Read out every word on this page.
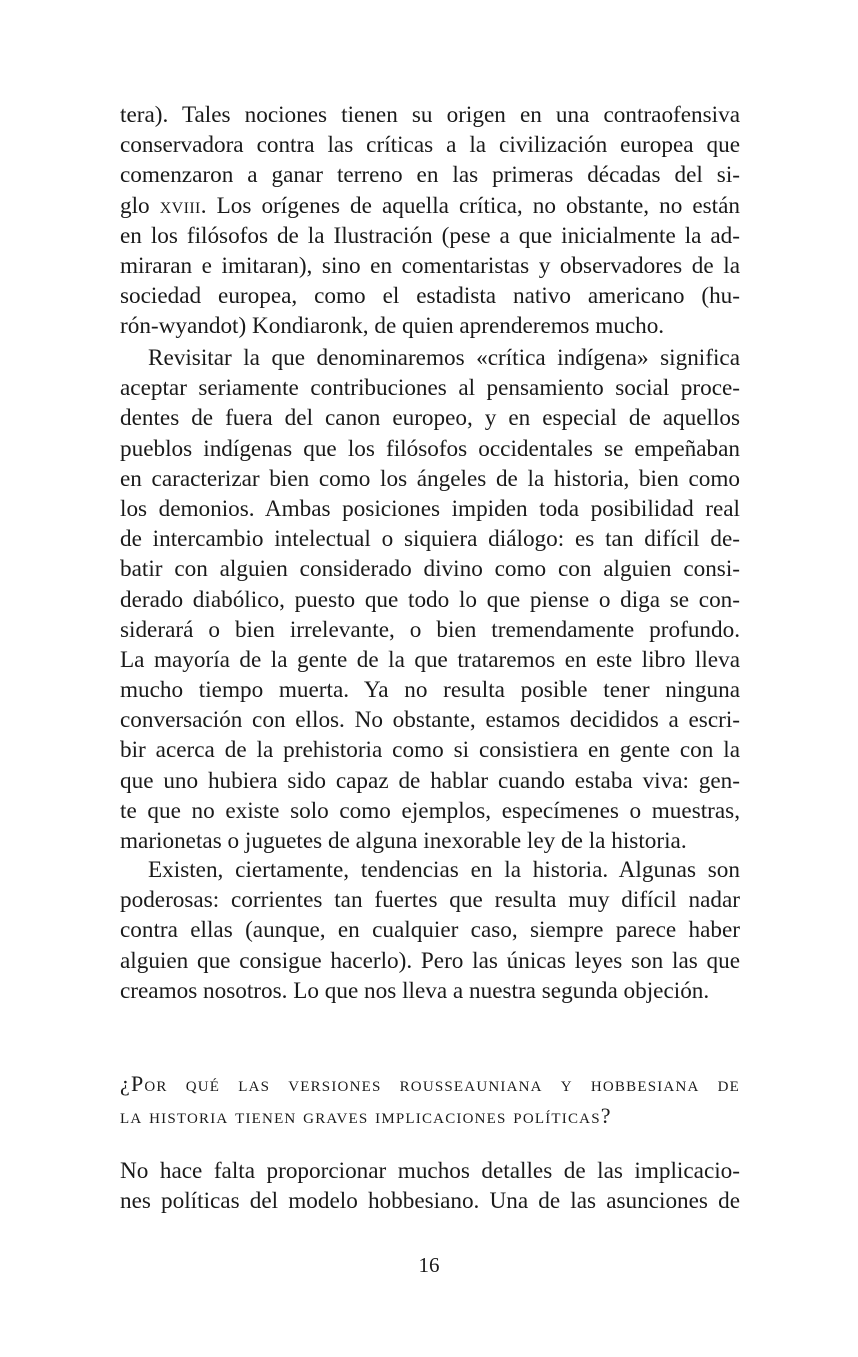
tera). Tales nociones tienen su origen en una contraofensiva
conservadora contra las críticas a la civilización europea que
comenzaron a ganar terreno en las primeras décadas del si-
glo xviii. Los orígenes de aquella crítica, no obstante, no están
en los filósofos de la Ilustración (pese a que inicialmente la ad-
miraran e imitaran), sino en comentaristas y observadores de la
sociedad europea, como el estadista nativo americano (hu-
rón-wyandot) Kondiaronk, de quien aprenderemos mucho.
Revisitar la que denominaremos «crítica indígena» significa
aceptar seriamente contribuciones al pensamiento social proce-
dentes de fuera del canon europeo, y en especial de aquellos
pueblos indígenas que los filósofos occidentales se empeñaban
en caracterizar bien como los ángeles de la historia, bien como
los demonios. Ambas posiciones impiden toda posibilidad real
de intercambio intelectual o siquiera diálogo: es tan difícil de-
batir con alguien considerado divino como con alguien consi-
derado diabólico, puesto que todo lo que piense o diga se con-
siderará o bien irrelevante, o bien tremendamente profundo.
La mayoría de la gente de la que trataremos en este libro lleva
mucho tiempo muerta. Ya no resulta posible tener ninguna
conversación con ellos. No obstante, estamos decididos a escri-
bir acerca de la prehistoria como si consistiera en gente con la
que uno hubiera sido capaz de hablar cuando estaba viva: gen-
te que no existe solo como ejemplos, especímenes o muestras,
marionetas o juguetes de alguna inexorable ley de la historia.
Existen, ciertamente, tendencias en la historia. Algunas son
poderosas: corrientes tan fuertes que resulta muy difícil nadar
contra ellas (aunque, en cualquier caso, siempre parece haber
alguien que consigue hacerlo). Pero las únicas leyes son las que
creamos nosotros. Lo que nos lleva a nuestra segunda objeción.
¿Por qué las versiones rousseauniana y hobbesiana de
la historia tienen graves implicaciones políticas?
No hace falta proporcionar muchos detalles de las implicacio-
nes políticas del modelo hobbesiano. Una de las asunciones de
16
